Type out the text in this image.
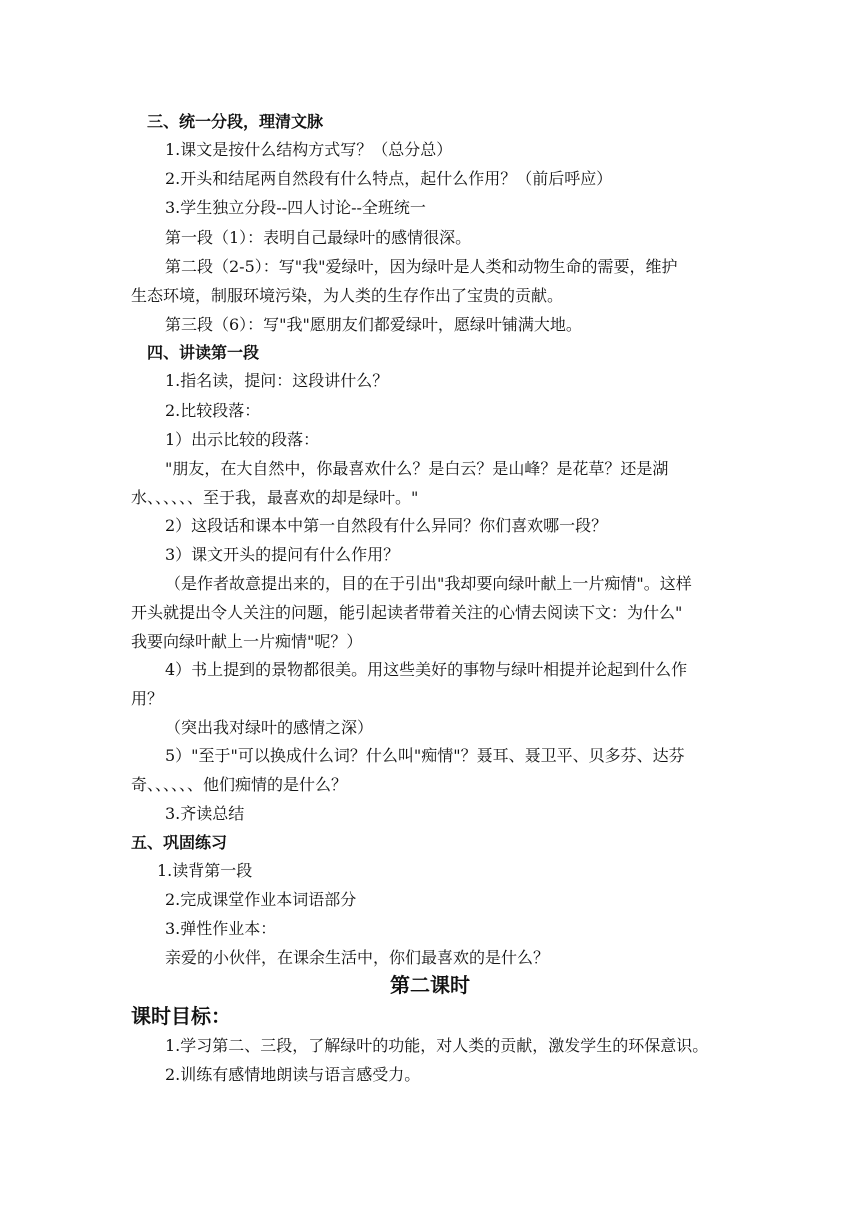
三、统一分段，理清文脉
1.课文是按什么结构方式写？（总分总）
2.开头和结尾两自然段有什么特点，起什么作用？（前后呼应）
3.学生独立分段--四人讨论--全班统一
第一段（1）：表明自己最绿叶的感情很深。
第二段（2-5）：写"我"爱绿叶，因为绿叶是人类和动物生命的需要，维护
生态环境，制服环境污染，为人类的生存作出了宝贵的贡献。
第三段（6）：写"我"愿朋友们都爱绿叶，愿绿叶铺满大地。
四、讲读第一段
1.指名读，提问：这段讲什么？
2.比较段落：
1）出示比较的段落：
"朋友，在大自然中，你最喜欢什么？是白云？是山峰？是花草？还是湖
水、、、、、、至于我，最喜欢的却是绿叶。"
2）这段话和课本中第一自然段有什么异同？你们喜欢哪一段？
3）课文开头的提问有什么作用？
（是作者故意提出来的，目的在于引出"我却要向绿叶献上一片痴情"。这样
开头就提出令人关注的问题，能引起读者带着关注的心情去阅读下文：为什么"
我要向绿叶献上一片痴情"呢？）
4）书上提到的景物都很美。用这些美好的事物与绿叶相提并论起到什么作
用？
（突出我对绿叶的感情之深）
5）"至于"可以换成什么词？什么叫"痴情"？聂耳、聂卫平、贝多芬、达芬
奇、、、、、、他们痴情的是什么？
3.齐读总结
五、巩固练习
1.读背第一段
2.完成课堂作业本词语部分
3.弹性作业本：
亲爱的小伙伴，在课余生活中，你们最喜欢的是什么？
第二课时
课时目标：
1.学习第二、三段，了解绿叶的功能，对人类的贡献，激发学生的环保意识。
2.训练有感情地朗读与语言感受力。
